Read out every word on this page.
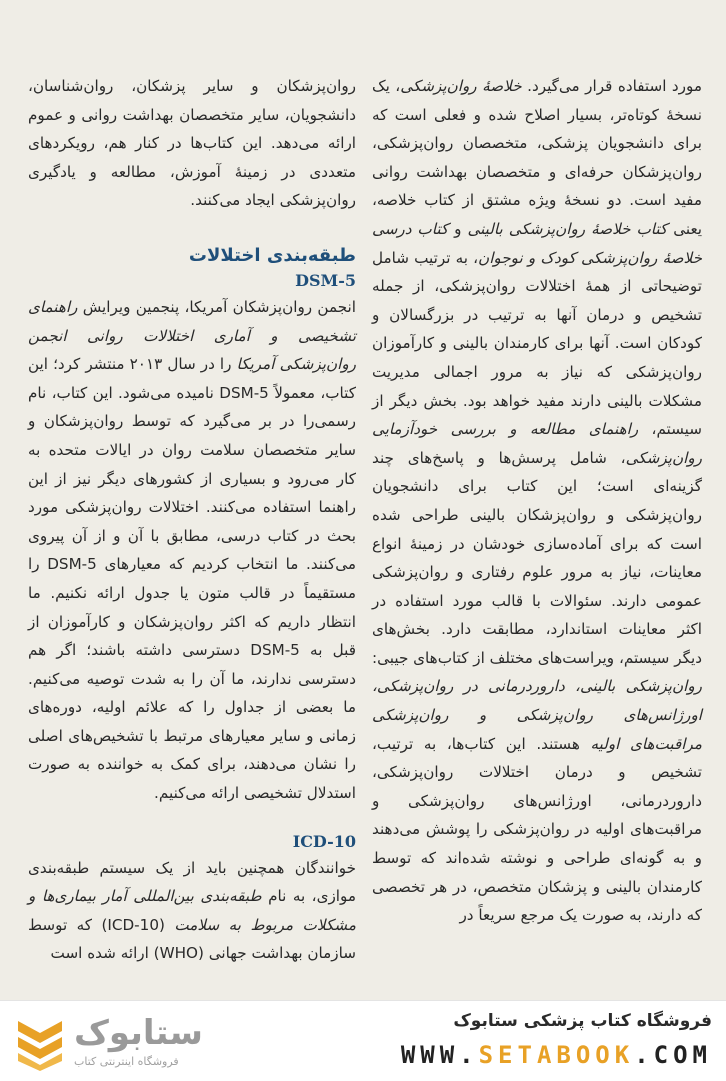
مورد استفاده قرار می‌گیرد. خلاصهٔ روان‌پزشکی، یک نسخهٔ کوتاه‌تر، بسیار اصلاح شده و فعلی است که برای دانشجویان پزشکی، متخصصان روان‌پزشکی، روان‌پزشکان حرفه‌ای و متخصصان بهداشت روانی مفید است. دو نسخهٔ ویژه مشتق از کتاب خلاصه، یعنی کتاب خلاصهٔ روان‌پزشکی بالینی و کتاب درسی خلاصهٔ روان‌پزشکی کودک و نوجوان، به ترتیب شامل توضیحاتی از همهٔ اختلالات روان‌پزشکی، از جمله تشخیص و درمان آنها به ترتیب در بزرگسالان و کودکان است. آنها برای کارمندان بالینی و کارآموزان روان‌پزشکی که نیاز به مرور اجمالی مدیریت مشکلات بالینی دارند مفید خواهد بود. بخش دیگر از سیستم، راهنمای مطالعه و بررسی خودآزمایی روان‌پزشکی، شامل پرسش‌ها و پاسخ‌های چند گزینه‌ای است؛ این کتاب برای دانشجویان روان‌پزشکی و روان‌پزشکان بالینی طراحی شده است که برای آماده‌سازی خودشان در زمینهٔ انواع معاینات، نیاز به مرور علوم رفتاری و روان‌پزشکی عمومی دارند. سئوالات با قالب مورد استفاده در اکثر معاینات استاندارد، مطابقت دارد. بخش‌های دیگر سیستم، ویراست‌های مختلف از کتاب‌های جیبی: روان‌پزشکی بالینی، داروردرمانی در روان‌پزشکی، اورژانس‌های روان‌پزشکی و روان‌پزشکی مراقبت‌های اولیه هستند. این کتاب‌ها، به ترتیب، تشخیص و درمان اختلالات روان‌پزشکی، داروردرمانی، اورژانس‌های روان‌پزشکی و مراقبت‌های اولیه در روان‌پزشکی را پوشش می‌دهند و به گونه‌ای طراحی و نوشته شده‌اند که توسط کارمندان بالینی و پزشکان متخصص، در هر تخصصی که دارند، به صورت یک مرجع سریعاً در

روان‌پزشکان و سایر پزشکان، روان‌شناسان، دانشجویان، سایر متخصصان بهداشت روانی و عموم ارائه می‌دهد. این کتاب‌ها در کنار هم، رویکردهای متعددی در زمینهٔ آموزش، مطالعه و یادگیری روان‌پزشکی ایجاد می‌کنند.

طبقه‌بندی اختلالات

DSM-5

انجمن روان‌پزشکان آمریکا، پنجمین ویرایش راهنمای تشخیصی و آماری اختلالات روانی انجمن روان‌پزشکی آمریکا را در سال ۲۰۱۳ منتشر کرد؛ این کتاب، معمولاً DSM-5 نامیده می‌شود. این کتاب، نام رسمی‌را در بر می‌گیرد که توسط روان‌پزشکان و سایر متخصصان سلامت روان در ایالات متحده به کار می‌رود و بسیاری از کشورهای دیگر نیز از این راهنما استفاده می‌کنند. اختلالات روان‌پزشکی مورد بحث در کتاب درسی، مطابق با آن و از آن پیروی می‌کنند. ما انتخاب کردیم که معیارهای DSM-5 را مستقیماً در قالب متون یا جدول ارائه نکنیم. ما انتظار داریم که اکثر روان‌پزشکان و کارآموزان از قبل به DSM-5 دسترسی داشته باشند؛ اگر هم دسترسی ندارند، ما آن را به شدت توصیه می‌کنیم. ما بعضی از جداول را که علائم اولیه، دوره‌های زمانی و سایر معیارهای مرتبط با تشخیص‌های اصلی را نشان می‌دهند، برای کمک به خواننده به صورت استدلال تشخیصی ارائه می‌کنیم.

ICD-10

خوانندگان همچنین باید از یک سیستم طبقه‌بندی موازی، به نام طبقه‌بندی بین‌المللی آمار بیماری‌ها و مشکلات مربوط به سلامت (ICD-10) که توسط سازمان بهداشت جهانی (WHO) ارائه شده است

ستابوک
فروشگاه اینترنتی کتاب
فروشگاه کتاب پزشکی ستابوک
WWW.SETABOOK.COM
